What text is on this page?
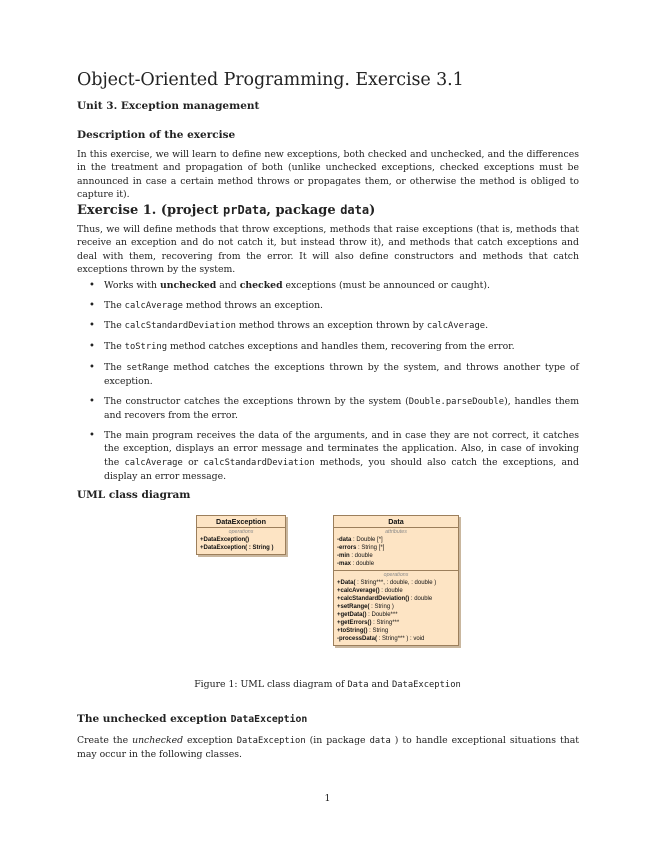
Object-Oriented Programming. Exercise 3.1
Unit 3. Exception management
Description of the exercise
In this exercise, we will learn to define new exceptions, both checked and unchecked, and the differences in the treatment and propagation of both (unlike unchecked exceptions, checked exceptions must be announced in case a certain method throws or propagates them, or otherwise the method is obliged to capture it).
Exercise 1. (project prData, package data)
Thus, we will define methods that throw exceptions, methods that raise exceptions (that is, methods that receive an exception and do not catch it, but instead throw it), and methods that catch exceptions and deal with them, recovering from the error. It will also define constructors and methods that catch exceptions thrown by the system.
• Works with unchecked and checked exceptions (must be announced or caught).
• The calcAverage method throws an exception.
• The calcStandardDeviation method throws an exception thrown by calcAverage.
• The toString method catches exceptions and handles them, recovering from the error.
• The setRange method catches the exceptions thrown by the system, and throws another type of exception.
• The constructor catches the exceptions thrown by the system (Double.parseDouble), handles them and recovers from the error.
• The main program receives the data of the arguments, and in case they are not correct, it catches the exception, displays an error message and terminates the application. Also, in case of invoking the calcAverage or calcStandardDeviation methods, you should also catch the exceptions, and display an error message.
UML class diagram
DataException
operations
+DataException()
+DataException( : String )
Data
attributes
-data : Double [*]
-errors : String [*]
-min : double
-max : double
operations
+Data( : String***, : double, : double )
+calcAverage() : double
+calcStandardDeviation() : double
+setRange( : String )
+getData() : Double***
+getErrors() : String***
+toString() : String
-processData( : String*** ) : void
Figure 1: UML class diagram of Data and DataException
The unchecked exception DataException
Create the unchecked exception DataException (in package data ) to handle exceptional situations that may occur in the following classes.
1
